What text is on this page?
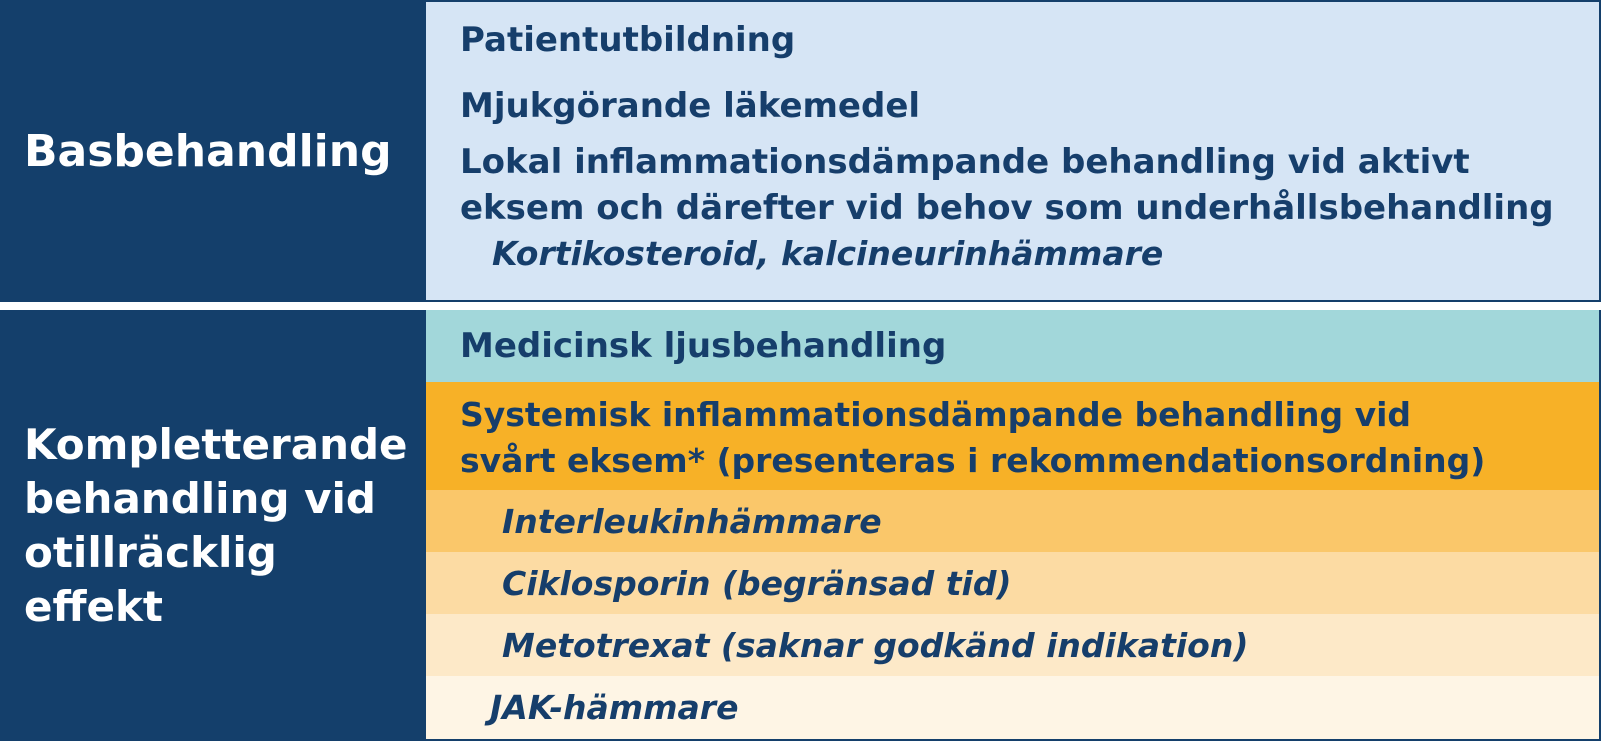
Basbehandling
Kompletterande
behandling vid
otillräcklig
effekt
Patientutbildning
Mjukgörande läkemedel
Lokal inflammationsdämpande behandling vid aktivt
eksem och därefter vid behov som underhållsbehandling
Kortikosteroid, kalcineurinhämmare
Medicinsk ljusbehandling
Systemisk inflammationsdämpande behandling vid
svårt eksem* (presenteras i rekommendationsordning)
Interleukinhämmare
Ciklosporin (begränsad tid)
Metotrexat (saknar godkänd indikation)
JAK-hämmare
